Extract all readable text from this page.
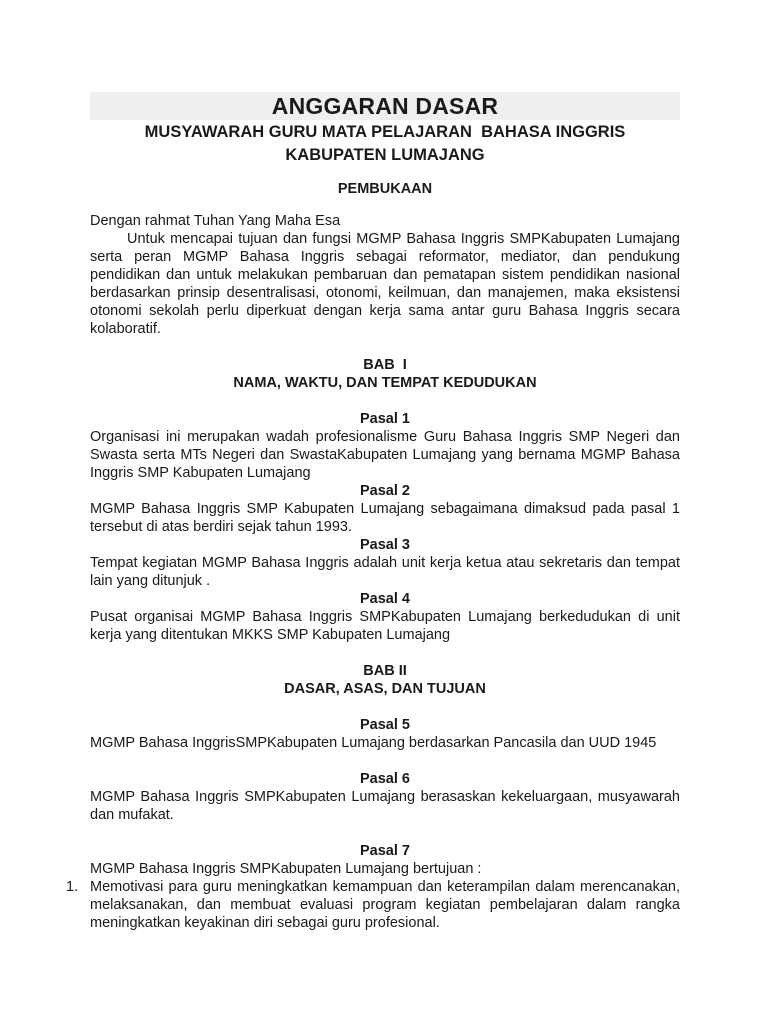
ANGGARAN DASAR
MUSYAWARAH GURU MATA PELAJARAN  BAHASA INGGRIS
KABUPATEN LUMAJANG
PEMBUKAAN

Dengan rahmat Tuhan Yang Maha Esa

Untuk mencapai tujuan dan fungsi MGMP Bahasa Inggris SMPKabupaten Lumajang serta peran MGMP Bahasa Inggris sebagai reformator, mediator, dan pendukung pendidikan dan untuk melakukan pembaruan dan pematapan sistem pendidikan nasional berdasarkan prinsip desentralisasi, otonomi, keilmuan, dan manajemen, maka eksistensi otonomi sekolah perlu diperkuat dengan kerja sama antar guru Bahasa Inggris secara kolaboratif.

BAB  I
NAMA, WAKTU, DAN TEMPAT KEDUDUKAN
Pasal 1

Organisasi ini merupakan wadah profesionalisme Guru Bahasa Inggris SMP Negeri dan Swasta serta MTs Negeri dan SwastaKabupaten Lumajang yang bernama MGMP Bahasa Inggris SMP Kabupaten Lumajang

Pasal 2

MGMP Bahasa Inggris SMP Kabupaten Lumajang sebagaimana dimaksud pada pasal 1 tersebut di atas berdiri sejak tahun 1993.

Pasal 3

Tempat kegiatan MGMP Bahasa Inggris adalah unit kerja ketua atau sekretaris dan tempat lain yang ditunjuk .

Pasal 4

Pusat organisai MGMP Bahasa Inggris SMPKabupaten Lumajang berkedudukan di unit kerja yang ditentukan MKKS SMP Kabupaten Lumajang

BAB II
DASAR, ASAS, DAN TUJUAN
Pasal 5

MGMP Bahasa InggrisSMPKabupaten Lumajang berdasarkan Pancasila dan UUD 1945

Pasal 6

MGMP Bahasa Inggris SMPKabupaten Lumajang berasaskan kekeluargaan, musyawarah dan mufakat.

Pasal 7

MGMP Bahasa Inggris SMPKabupaten Lumajang bertujuan :

1. Memotivasi para guru meningkatkan kemampuan dan keterampilan dalam merencanakan, melaksanakan, dan membuat evaluasi program kegiatan pembelajaran dalam rangka meningkatkan keyakinan diri sebagai guru profesional.
